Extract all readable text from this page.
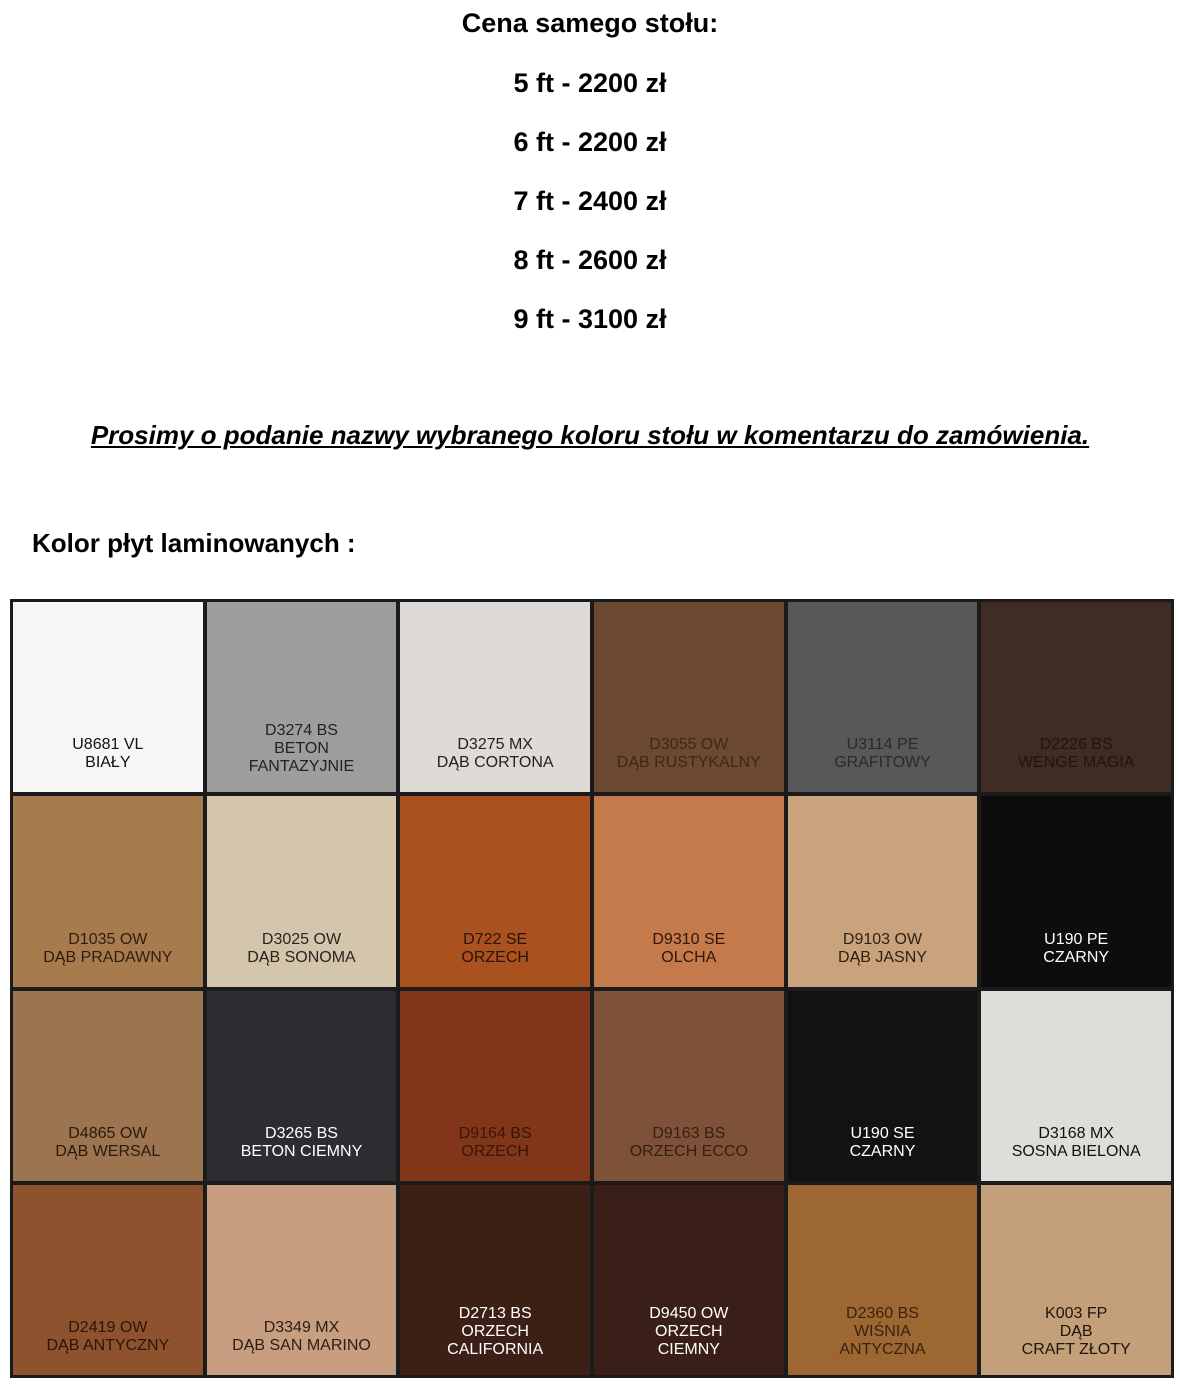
Cena samego stołu:
5 ft - 2200 zł
6 ft - 2200 zł
7 ft - 2400 zł
8 ft - 2600 zł
9 ft - 3100 zł
Prosimy o podanie nazwy wybranego koloru stołu w komentarzu do zamówienia.
Kolor płyt laminowanych :
U8681 VL
BIAŁY
D3274 BS
BETON
FANTAZYJNIE
D3275 MX
DĄB CORTONA
D3055 OW
DĄB RUSTYKALNY
U3114 PE
GRAFITOWY
D2226 BS
WENGE MAGIA
D1035 OW
DĄB PRADAWNY
D3025 OW
DĄB SONOMA
D722 SE
ORZECH
D9310 SE
OLCHA
D9103 OW
DĄB JASNY
U190 PE
CZARNY
D4865 OW
DĄB WERSAL
D3265 BS
BETON CIEMNY
D9164 BS
ORZECH
D9163 BS
ORZECH ECCO
U190 SE
CZARNY
D3168 MX
SOSNA BIELONA
D2419 OW
DĄB ANTYCZNY
D3349 MX
DĄB SAN MARINO
D2713 BS
ORZECH
CALIFORNIA
D9450 OW
ORZECH
CIEMNY
D2360 BS
WIŚNIA
ANTYCZNA
K003 FP
DĄB
CRAFT ZŁOTY
